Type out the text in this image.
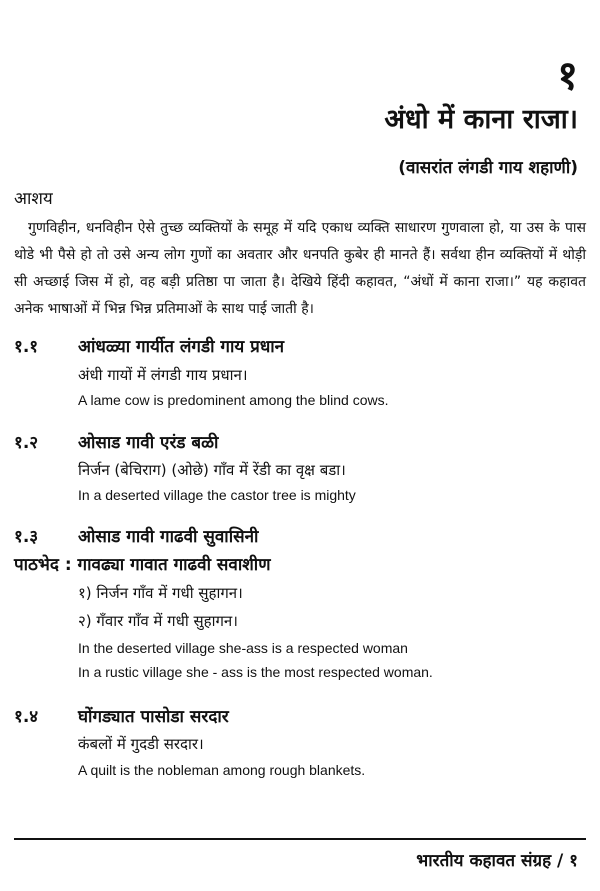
१
अंधो में काना राजा।
(वासरांत लंगडी गाय शहाणी)
आशय

गुणविहीन, धनविहीन ऐसे तुच्छ व्यक्तियों के समूह में यदि एकाध व्यक्ति साधारण गुणवाला हो, या उस के पास थोडे भी पैसे हो तो उसे अन्य लोग गुणों का अवतार और धनपति कुबेर ही मानते हैं। सर्वथा हीन व्यक्तियों में थोड़ी सी अच्छाई जिस में हो, वह बड़ी प्रतिष्ठा पा जाता है। देखिये हिंदी कहावत, “अंधों में काना राजा।” यह कहावत अनेक भाषाओं में भिन्न भिन्न प्रतिमाओं के साथ पाई जाती है।

१.१ आंधळ्या गार्यीत लंगडी गाय प्रधान
अंधी गायों में लंगडी गाय प्रधान।
A lame cow is predominent among the blind cows.
१.२ ओसाड गावी एरंड बळी
निर्जन (बेचिराग) (ओछे) गाँव में रेंडी का वृक्ष बडा।
In a deserted village the castor tree is mighty
१.३ ओसाड गावी गाढवी सुवासिनी
पाठभेद : गावढ्या गावात गाढवी सवाशीण
१) निर्जन गाँव में गधी सुहागन।
२) गँवार गाँव में गधी सुहागन।
In the deserted village she-ass is a respected woman
In a rustic village she - ass is the most respected woman.
१.४ घोंगड्यात पासोडा सरदार
कंबलों में गुदडी सरदार।
A quilt is the nobleman among rough blankets.
भारतीय कहावत संग्रह / १
